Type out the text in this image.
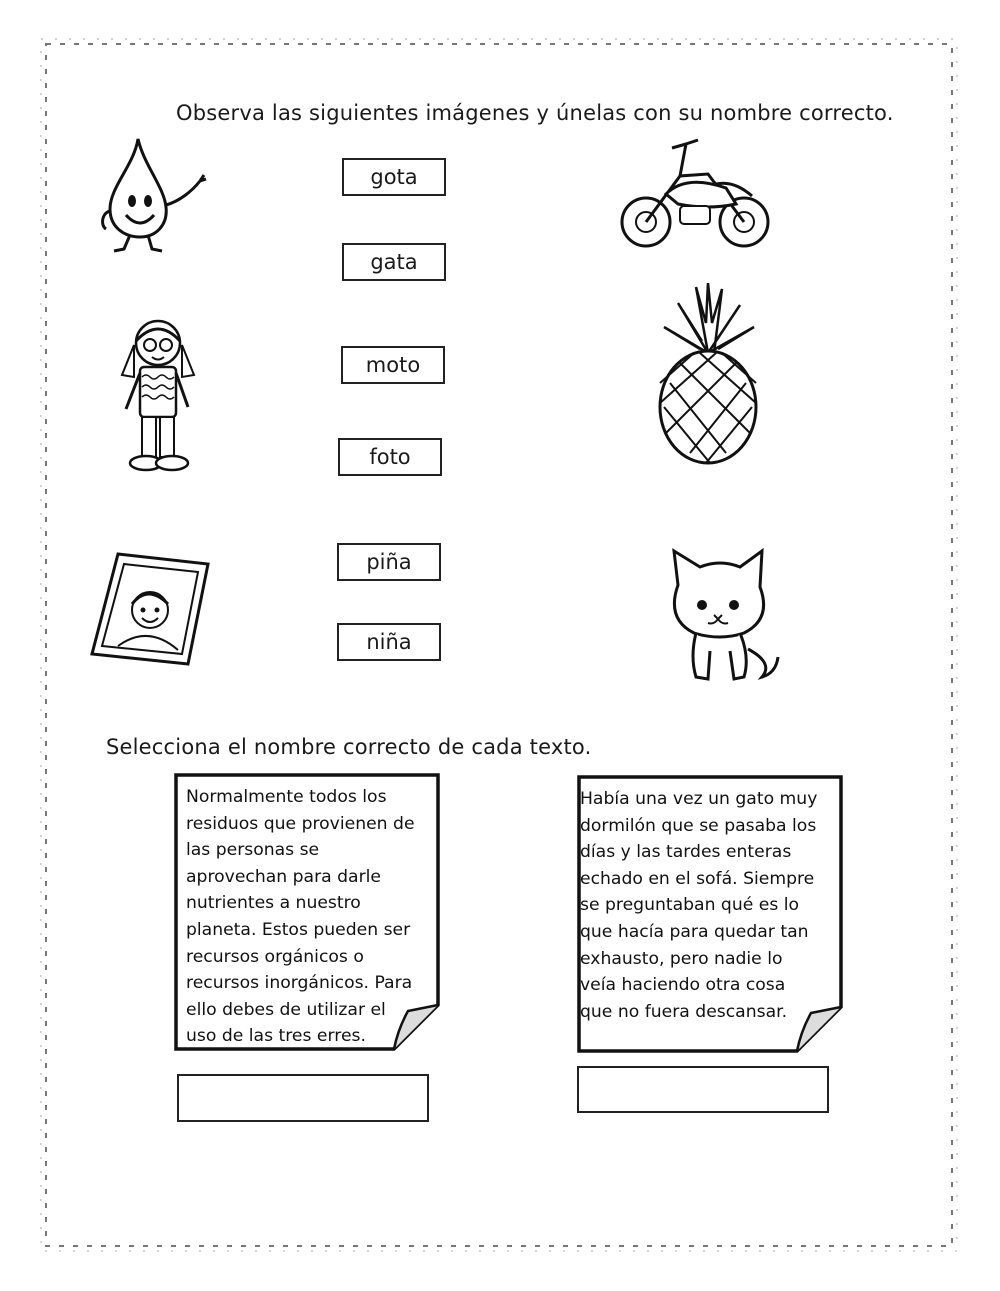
Observa las siguientes imágenes y únelas con su nombre correcto.
gota
gata
moto
foto
piña
niña
Selecciona el nombre correcto de cada texto.
Normalmente todos los
residuos que provienen de
las personas se
aprovechan para darle
nutrientes a nuestro
planeta. Estos pueden ser
recursos orgánicos o
recursos inorgánicos. Para
ello debes de utilizar el
uso de las tres erres.
Había una vez un gato muy
dormilón que se pasaba los
días y las tardes enteras
echado en el sofá. Siempre
se preguntaban qué es lo
que hacía para quedar tan
exhausto, pero nadie lo
veía haciendo otra cosa
que no fuera descansar.
